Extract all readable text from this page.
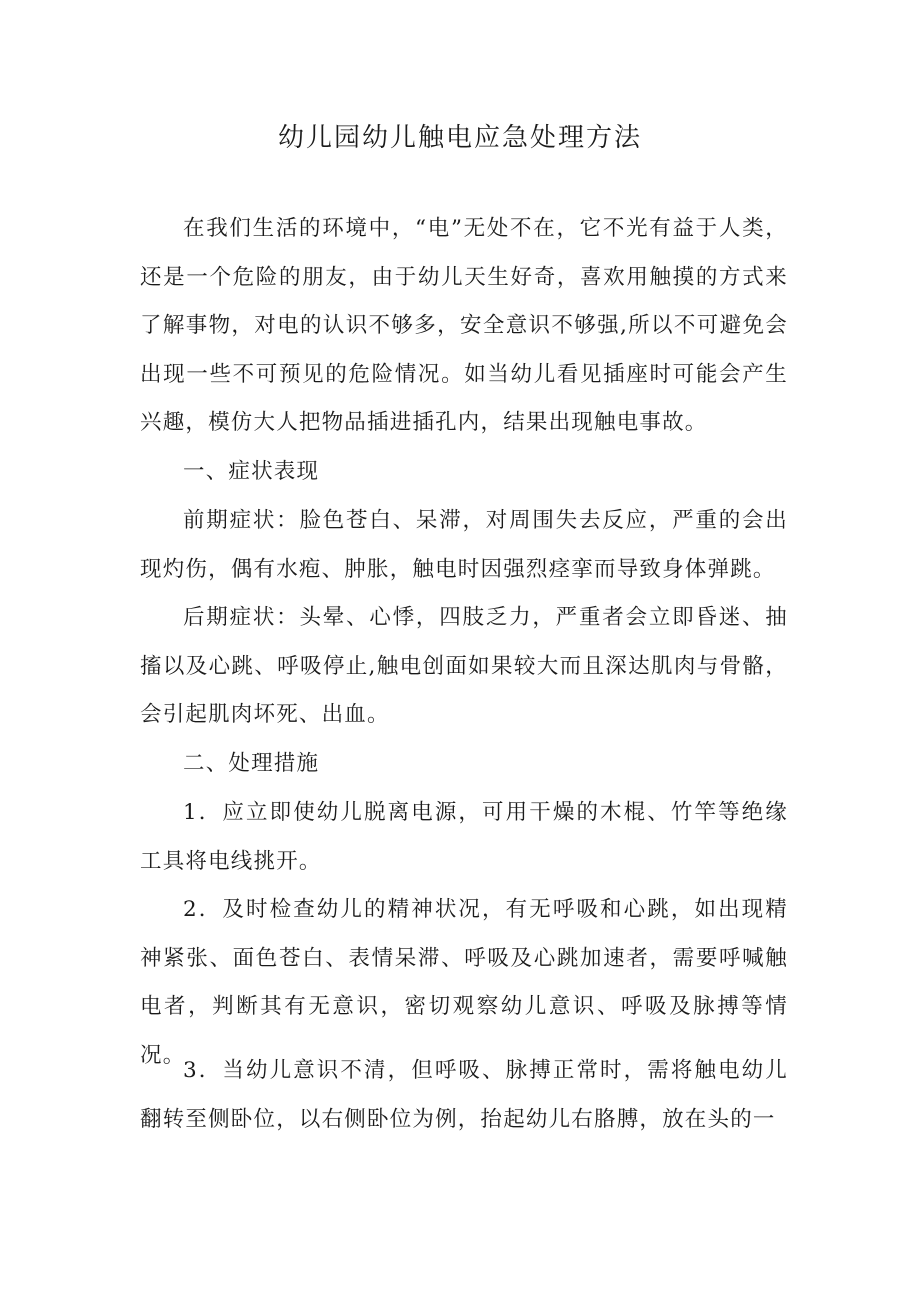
幼儿园幼儿触电应急处理方法

在我们生活的环境中，“电”无处不在，它不光有益于人类，还是一个危险的朋友，由于幼儿天生好奇，喜欢用触摸的方式来了解事物，对电的认识不够多，安全意识不够强,所以不可避免会出现一些不可预见的危险情况。如当幼儿看见插座时可能会产生兴趣，模仿大人把物品插进插孔内，结果出现触电事故。

一、症状表现

前期症状：脸色苍白、呆滞，对周围失去反应，严重的会出现灼伤，偶有水疱、肿胀，触电时因强烈痉挛而导致身体弹跳。

后期症状：头晕、心悸，四肢乏力，严重者会立即昏迷、抽搐以及心跳、呼吸停止,触电创面如果较大而且深达肌肉与骨骼，会引起肌肉坏死、出血。

二、处理措施

1．应立即使幼儿脱离电源，可用干燥的木棍、竹竿等绝缘工具将电线挑开。

2．及时检查幼儿的精神状况，有无呼吸和心跳，如出现精神紧张、面色苍白、表情呆滞、呼吸及心跳加速者，需要呼喊触电者，判断其有无意识，密切观察幼儿意识、呼吸及脉搏等情况。

3．当幼儿意识不清，但呼吸、脉搏正常时，需将触电幼儿翻转至侧卧位，以右侧卧位为例，抬起幼儿右胳膊，放在头的一
